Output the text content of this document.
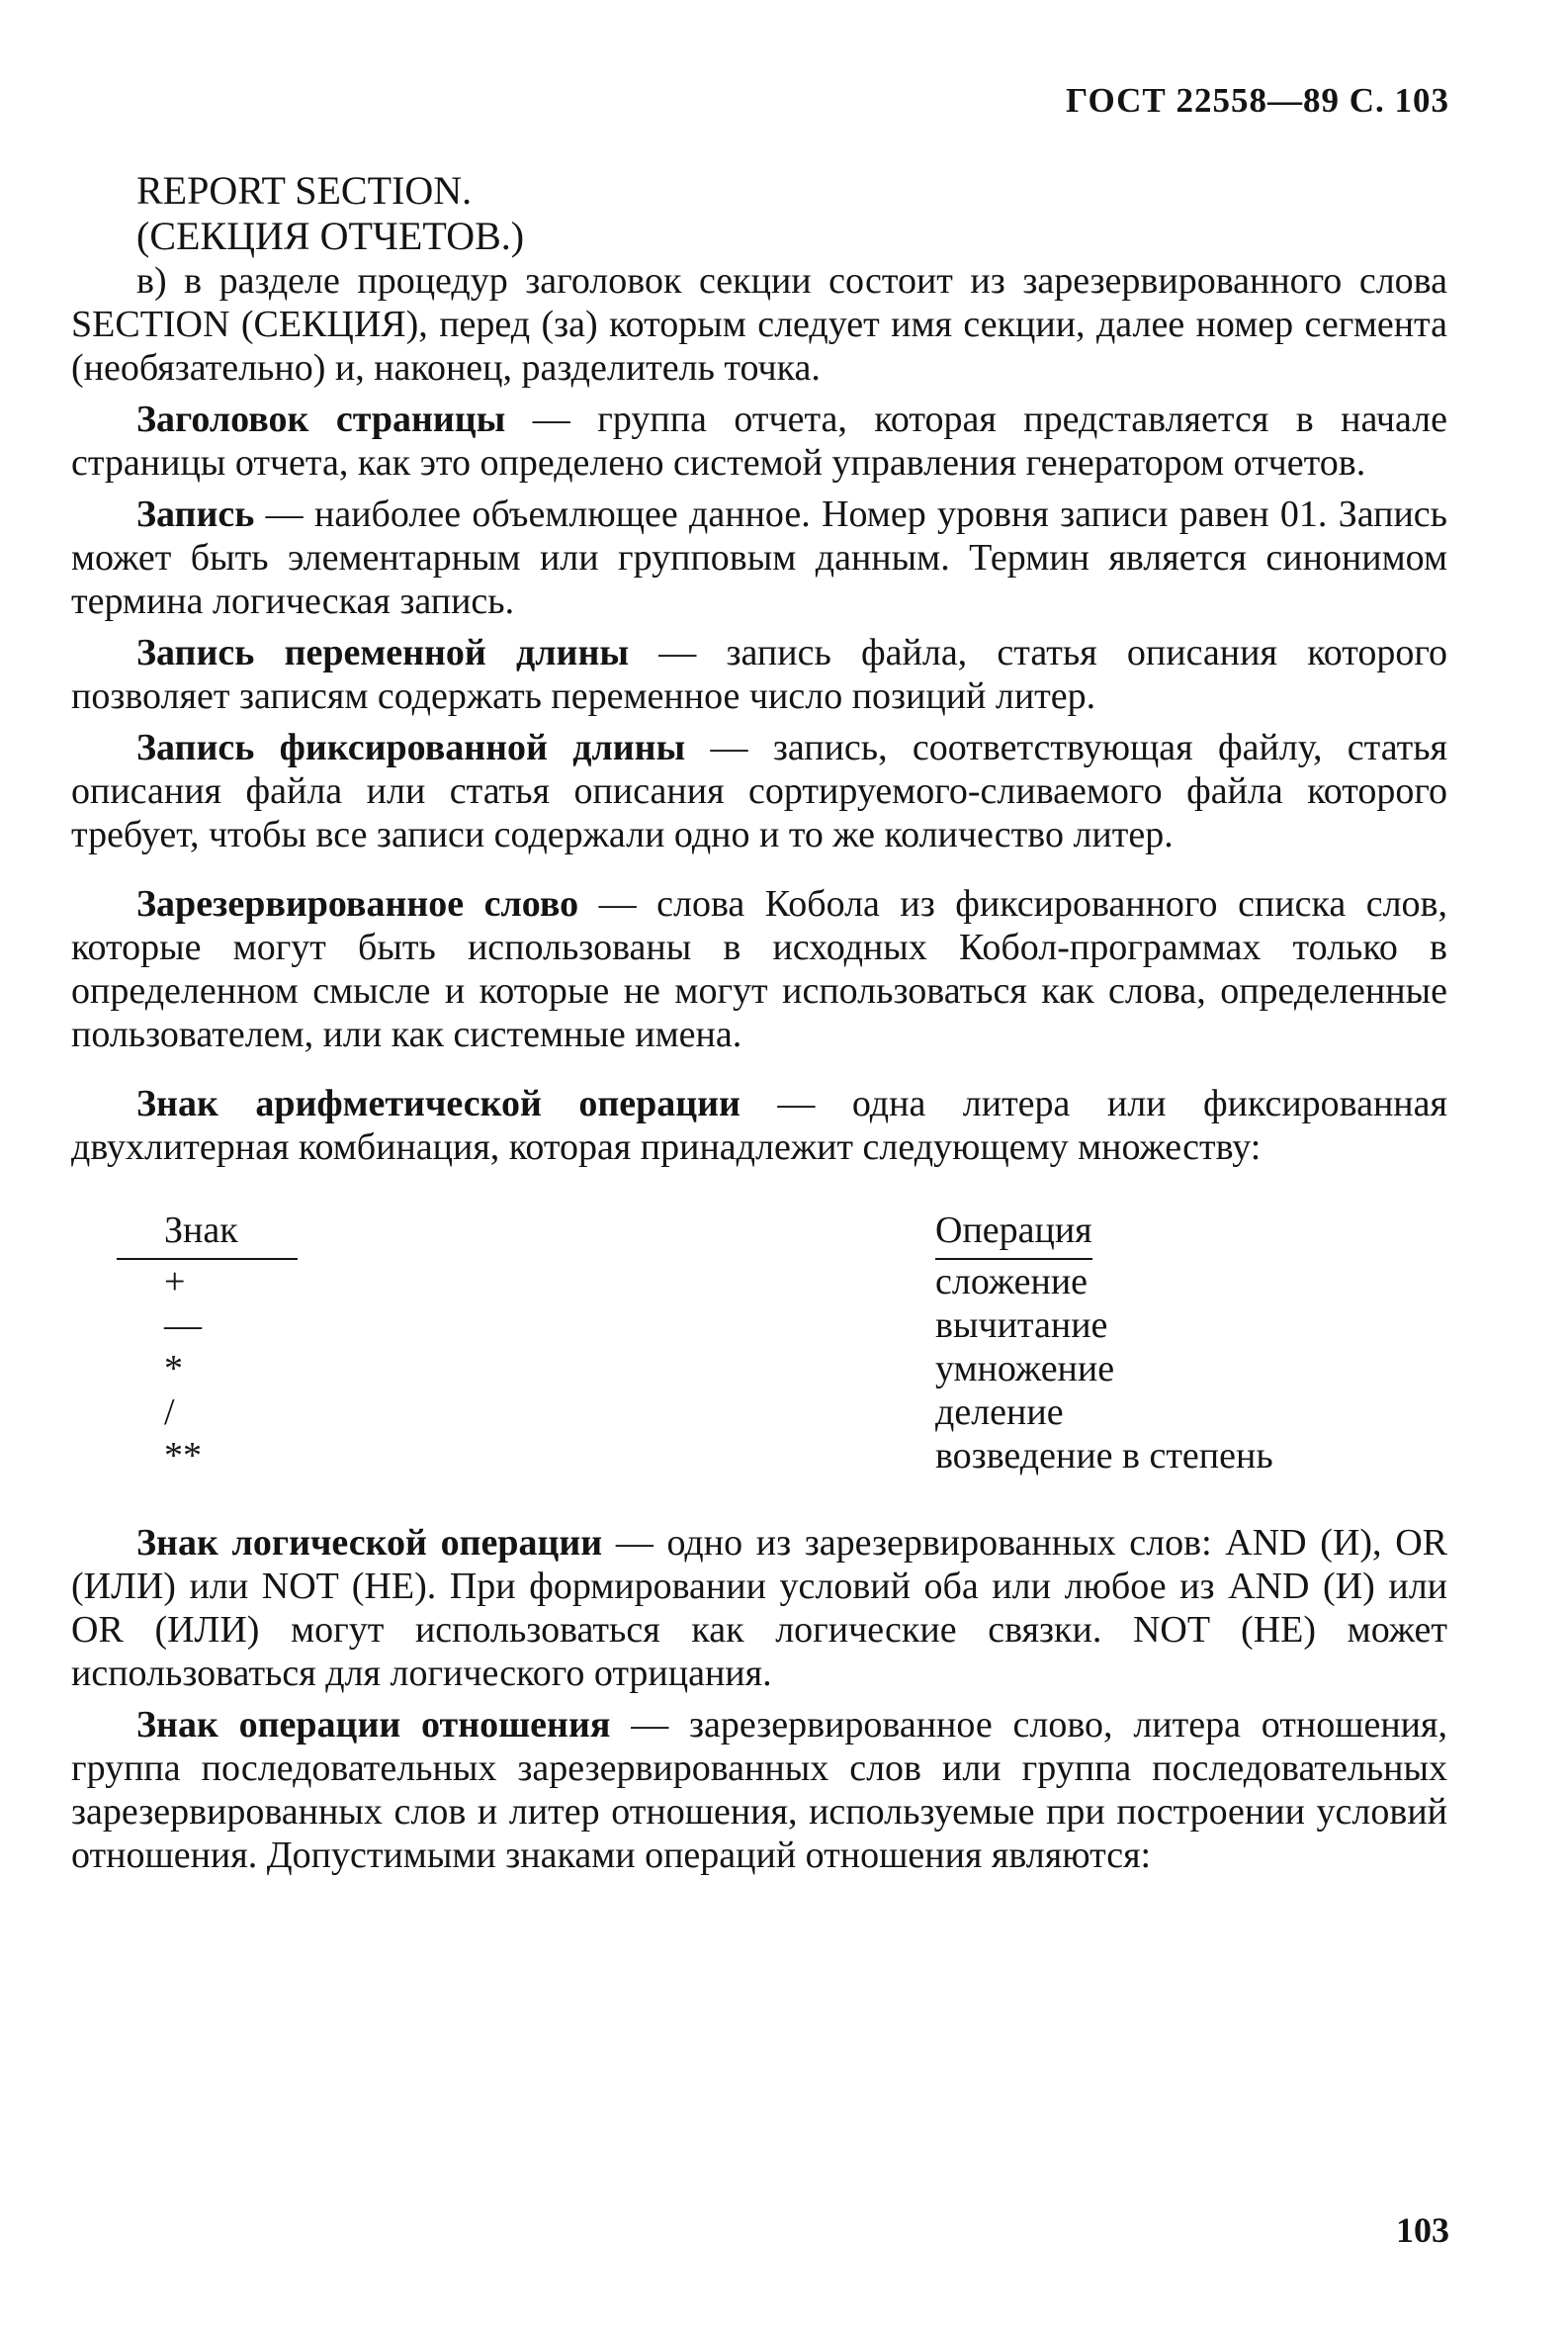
ГОСТ 22558—89 С. 103
REPORT SECTION.
(СЕКЦИЯ ОТЧЕТОВ.)

в) в разделе процедур заголовок секции состоит из зарезервированного слова SECTION (СЕКЦИЯ), перед (за) которым следует имя секции, далее номер сегмента (необязательно) и, наконец, разделитель точка.

Заголовок страницы — группа отчета, которая представляется в начале страницы отчета, как это определено системой управления генератором отчетов.

Запись — наиболее объемлющее данное. Номер уровня записи равен 01. Запись может быть элементарным или групповым данным. Термин является синонимом термина логическая запись.

Запись переменной длины — запись файла, статья описания которого позволяет записям содержать переменное число позиций литер.

Запись фиксированной длины — запись, соответствующая файлу, статья описания файла или статья описания сортируемого-сливаемого файла которого требует, чтобы все записи содержали одно и то же количество литер.

Зарезервированное слово — слова Кобола из фиксированного списка слов, которые могут быть использованы в исходных Кобол-программах только в определенном смысле и которые не могут использоваться как слова, определенные пользователем, или как системные имена.

Знак арифметической операции — одна литера или фиксированная двухлитерная комбинация, которая принадлежит следующему множеству:

Знак	Операция
+	сложение
—	вычитание
*	умножение
/	деление
**	возведение в степень

Знак логической операции — одно из зарезервированных слов: AND (И), OR (ИЛИ) или NOT (НЕ). При формировании условий оба или любое из AND (И) или OR (ИЛИ) могут использоваться как логические связки. NOT (НЕ) может использоваться для логического отрицания.

Знак операции отношения — зарезервированное слово, литера отношения, группа последовательных зарезервированных слов или группа последовательных зарезервированных слов и литер отношения, используемые при построении условий отношения. Допустимыми знаками операций отношения являются:

103
